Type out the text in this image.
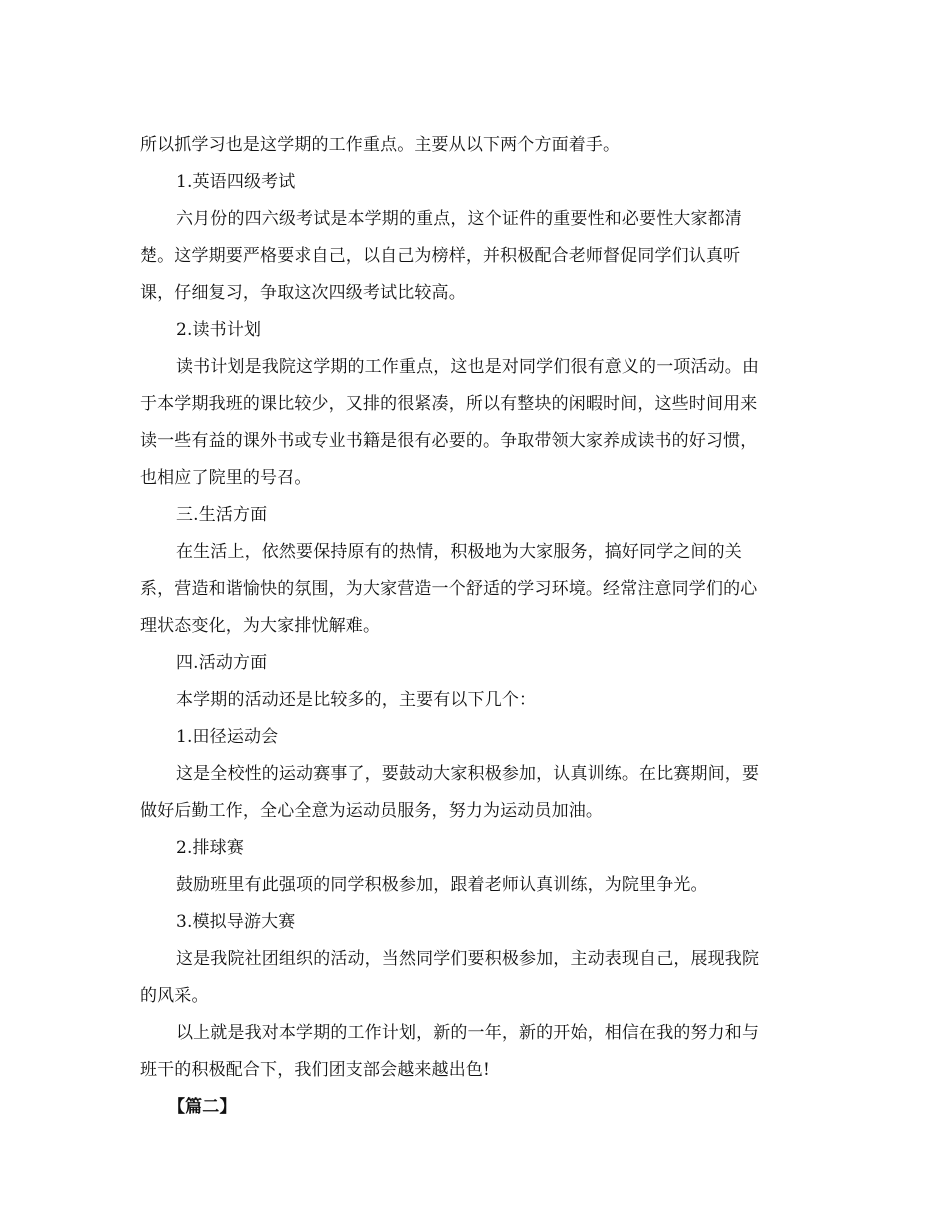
所以抓学习也是这学期的工作重点。主要从以下两个方面着手。
1.英语四级考试
六月份的四六级考试是本学期的重点，这个证件的重要性和必要性大家都清
楚。这学期要严格要求自己，以自己为榜样，并积极配合老师督促同学们认真听
课，仔细复习，争取这次四级考试比较高。
2.读书计划
读书计划是我院这学期的工作重点，这也是对同学们很有意义的一项活动。由
于本学期我班的课比较少，又排的很紧凑，所以有整块的闲暇时间，这些时间用来
读一些有益的课外书或专业书籍是很有必要的。争取带领大家养成读书的好习惯，
也相应了院里的号召。
三.生活方面
在生活上，依然要保持原有的热情，积极地为大家服务，搞好同学之间的关
系，营造和谐愉快的氛围，为大家营造一个舒适的学习环境。经常注意同学们的心
理状态变化，为大家排忧解难。
四.活动方面
本学期的活动还是比较多的，主要有以下几个：
1.田径运动会
这是全校性的运动赛事了，要鼓动大家积极参加，认真训练。在比赛期间，要
做好后勤工作，全心全意为运动员服务，努力为运动员加油。
2.排球赛
鼓励班里有此强项的同学积极参加，跟着老师认真训练，为院里争光。
3.模拟导游大赛
这是我院社团组织的活动，当然同学们要积极参加，主动表现自己，展现我院
的风采。
以上就是我对本学期的工作计划，新的一年，新的开始，相信在我的努力和与
班干的积极配合下，我们团支部会越来越出色!
【篇二】
